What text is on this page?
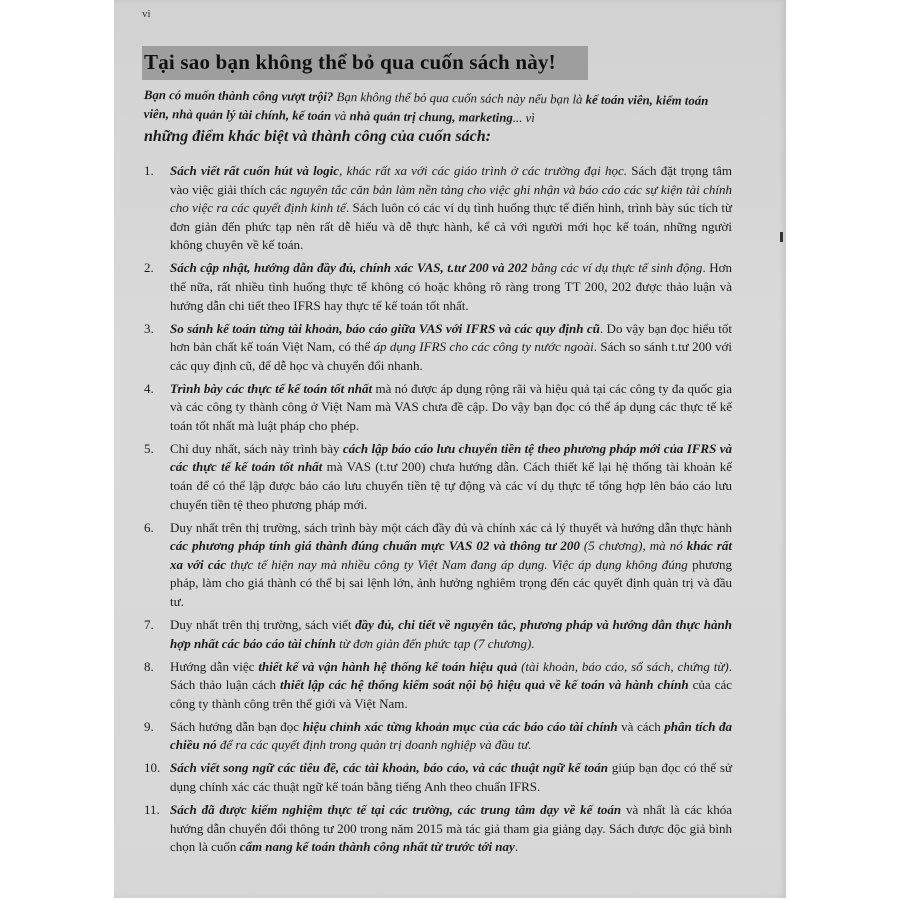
vi
Tại sao bạn không thể bỏ qua cuốn sách này!
Bạn có muốn thành công vượt trội? Bạn không thể bỏ qua cuốn sách này nếu bạn là kế toán viên, kiểm toán viên, nhà quản lý tài chính, kế toán và nhà quản trị chung, marketing... vì
những điểm khác biệt và thành công của cuốn sách:
1. Sách viết rất cuốn hút và logic, khác rất xa với các giáo trình ở các trường đại học. Sách đặt trọng tâm vào việc giải thích các nguyên tắc căn bản làm nền tảng cho việc ghi nhận và báo cáo các sự kiện tài chính cho việc ra các quyết định kinh tế. Sách luôn có các ví dụ tình huống thực tế điển hình, trình bày súc tích từ đơn giản đến phức tạp nên rất dễ hiểu và dễ thực hành, kể cả với người mới học kế toán, những người không chuyên về kế toán.
2. Sách cập nhật, hướng dẫn đầy đủ, chính xác VAS, t.tư 200 và 202 bằng các ví dụ thực tế sinh động. Hơn thế nữa, rất nhiều tình huống thực tế không có hoặc không rõ ràng trong TT 200, 202 được thảo luận và hướng dẫn chi tiết theo IFRS hay thực tế kế toán tốt nhất.
3. So sánh kế toán từng tài khoản, báo cáo giữa VAS với IFRS và các quy định cũ. Do vậy bạn đọc hiểu tốt hơn bản chất kế toán Việt Nam, có thể áp dụng IFRS cho các công ty nước ngoài. Sách so sánh t.tư 200 với các quy định cũ, để dễ học và chuyển đổi nhanh.
4. Trình bày các thực tế kế toán tốt nhất mà nó được áp dụng rộng rãi và hiệu quả tại các công ty đa quốc gia và các công ty thành công ở Việt Nam mà VAS chưa đề cập. Do vậy bạn đọc có thể áp dụng các thực tế kế toán tốt nhất mà luật pháp cho phép.
5. Chỉ duy nhất, sách này trình bày cách lập báo cáo lưu chuyển tiền tệ theo phương pháp mới của IFRS và các thực tế kế toán tốt nhất mà VAS (t.tư 200) chưa hướng dẫn. Cách thiết kế lại hệ thống tài khoản kế toán để có thể lập được báo cáo lưu chuyển tiền tệ tự động và các ví dụ thực tế tổng hợp lên báo cáo lưu chuyển tiền tệ theo phương pháp mới.
6. Duy nhất trên thị trường, sách trình bày một cách đầy đủ và chính xác cả lý thuyết và hướng dẫn thực hành các phương pháp tính giá thành đúng chuẩn mực VAS 02 và thông tư 200 (5 chương), mà nó khác rất xa với các thực tế hiện nay mà nhiều công ty Việt Nam đang áp dụng. Việc áp dụng không đúng phương pháp, làm cho giá thành có thể bị sai lệnh lớn, ảnh hưởng nghiêm trọng đến các quyết định quản trị và đầu tư.
7. Duy nhất trên thị trường, sách viết đầy đủ, chi tiết về nguyên tắc, phương pháp và hướng dẫn thực hành hợp nhất các báo cáo tài chính từ đơn giản đến phức tạp (7 chương).
8. Hướng dẫn việc thiết kế và vận hành hệ thống kế toán hiệu quả (tài khoản, báo cáo, sổ sách, chứng từ). Sách thảo luận cách thiết lập các hệ thống kiểm soát nội bộ hiệu quả về kế toán và hành chính của các công ty thành công trên thế giới và Việt Nam.
9. Sách hướng dẫn bạn đọc hiệu chỉnh xác từng khoản mục của các báo cáo tài chính và cách phân tích đa chiều nó để ra các quyết định trong quản trị doanh nghiệp và đầu tư.
10. Sách viết song ngữ các tiêu đề, các tài khoản, báo cáo, và các thuật ngữ kế toán giúp bạn đọc có thể sử dụng chính xác các thuật ngữ kế toán bằng tiếng Anh theo chuẩn IFRS.
11. Sách đã được kiểm nghiệm thực tế tại các trường, các trung tâm dạy về kế toán và nhất là các khóa hướng dẫn chuyển đổi thông tư 200 trong năm 2015 mà tác giả tham gia giảng dạy. Sách được độc giả bình chọn là cuốn cẩm nang kế toán thành công nhất từ trước tới nay.
